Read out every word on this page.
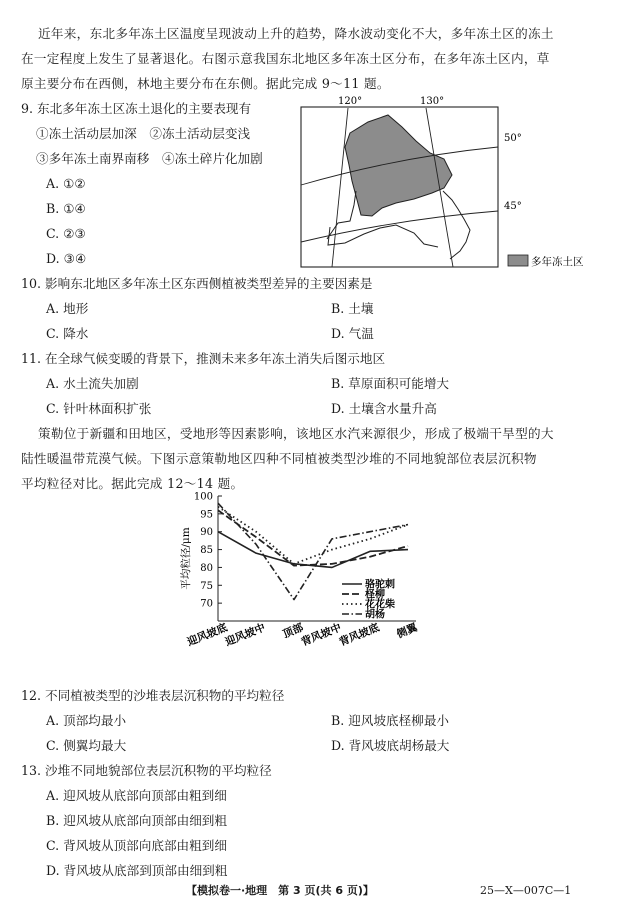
近年来，东北多年冻土区温度呈现波动上升的趋势，降水波动变化不大，多年冻土区的冻土
在一定程度上发生了显著退化。右图示意我国东北地区多年冻土区分布，在多年冻土区内，草
原主要分布在西侧，林地主要分布在东侧。据此完成 9～11 题。
9. 东北多年冻土区冻土退化的主要表现有
①冻土活动层加深　②冻土活动层变浅
③多年冻土南界南移　④冻土碎片化加剧
A. ①②
B. ①④
C. ②③
D. ③④
120°	130°
50°
45°
多年冻土区
10. 影响东北地区多年冻土区东西侧植被类型差异的主要因素是
A. 地形	B. 土壤
C. 降水	D. 气温
11. 在全球气候变暖的背景下，推测未来多年冻土消失后图示地区
A. 水土流失加剧	B. 草原面积可能增大
C. 针叶林面积扩张	D. 土壤含水量升高
策勒位于新疆和田地区，受地形等因素影响，该地区水汽来源很少，形成了极端干旱型的大
陆性暖温带荒漠气候。下图示意策勒地区四种不同植被类型沙堆的不同地貌部位表层沉积物
平均粒径对比。据此完成 12～14 题。
70
75
80
85
90
95
100
平均粒径/μm
迎风坡底
迎风坡中 顶部
背风坡中
背风坡底 侧翼
骆驼刺
柽柳
花花柴
胡杨
12. 不同植被类型的沙堆表层沉积物的平均粒径
A. 顶部均最小	B. 迎风坡底柽柳最小
C. 侧翼均最大	D. 背风坡底胡杨最大
13. 沙堆不同地貌部位表层沉积物的平均粒径
A. 迎风坡从底部向顶部由粗到细
B. 迎风坡从底部向顶部由细到粗
C. 背风坡从顶部向底部由粗到细
D. 背风坡从底部到顶部由细到粗
【模拟卷一·地理　第 3 页(共 6 页)】	25—X—007C—1
